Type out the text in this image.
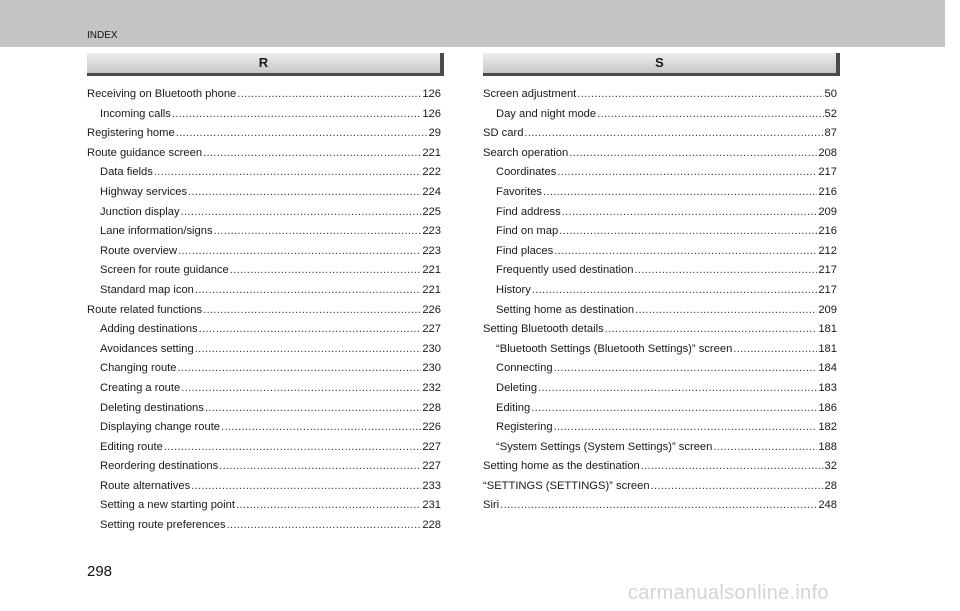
INDEX
R	S
Receiving on Bluetooth phone .....	126
Incoming calls .....	126
Registering home .....	29
Route guidance screen .....	221
Data fields .....	222
Highway services .....	224
Junction display .....	225
Lane information/signs .....	223
Route overview .....	223
Screen for route guidance .....	221
Standard map icon .....	221
Route related functions .....	226
Adding destinations .....	227
Avoidances setting .....	230
Changing route .....	230
Creating a route .....	232
Deleting destinations .....	228
Displaying change route .....	226
Editing route .....	227
Reordering destinations .....	227
Route alternatives .....	233
Setting a new starting point .....	231
Setting route preferences .....	228
Screen adjustment .....	50
Day and night mode .....	52
SD card .....	87
Search operation .....	208
Coordinates .....	217
Favorites .....	216
Find address .....	209
Find on map .....	216
Find places .....	212
Frequently used destination .....	217
History .....	217
Setting home as destination .....	209
Setting Bluetooth details .....	181
“Bluetooth Settings (Bluetooth Settings)” screen .....	181
Connecting .....	184
Deleting .....	183
Editing .....	186
Registering .....	182
“System Settings (System Settings)” screen .....	188
Setting home as the destination .....	32
“SETTINGS (SETTINGS)” screen .....	28
Siri .....	248
298
carmanualsonline.info
